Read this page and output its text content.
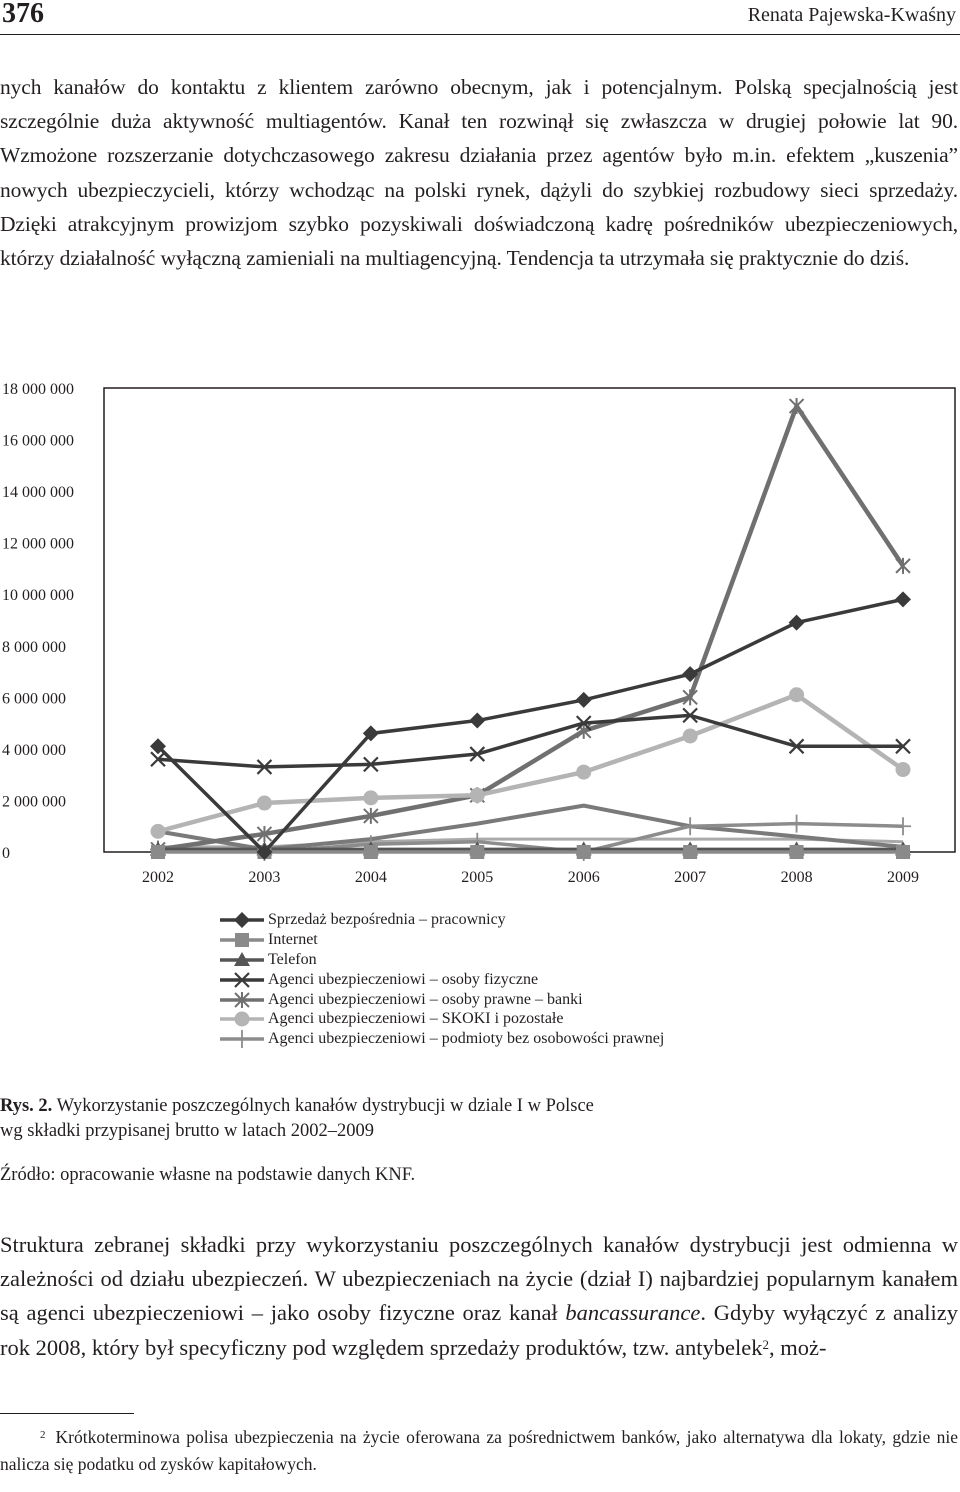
376	Renata Pajewska-Kwaśny

nych kanałów do kontaktu z klientem zarówno obecnym, jak i potencjalnym. Polską specjalnością jest szczególnie duża aktywność multiagentów. Kanał ten rozwinął się zwłaszcza w drugiej połowie lat 90. Wzmożone rozszerzanie dotychczasowego zakresu działania przez agentów było m.in. efektem „kuszenia” nowych ubezpieczycieli, którzy wchodząc na polski rynek, dążyli do szybkiej rozbudowy sieci sprzedaży. Dzięki atrakcyjnym prowizjom szybko pozyskiwali doświadczoną kadrę pośredników ubezpieczeniowych, którzy działalność wyłączną zamieniali na multiagencyjną. Tendencja ta utrzymała się praktycznie do dziś.

0
2 000 000
4 000 000
6 000 000
8 000 000
10 000 000
12 000 000
14 000 000
16 000 000
18 000 000
2002	2003	2004	2005	2006	2007	2008	2009
Sprzedaż bezpośrednia – pracownicy
Internet
Telefon
Agenci ubezpieczeniowi – osoby fizyczne
Agenci ubezpieczeniowi – osoby prawne – banki
Agenci ubezpieczeniowi – SKOKI i pozostałe
Agenci ubezpieczeniowi – podmioty bez osobowości prawnej

Rys. 2. Wykorzystanie poszczególnych kanałów dystrybucji w dziale I w Polsce
wg składki przypisanej brutto w latach 2002–2009

Źródło: opracowanie własne na podstawie danych KNF.

Struktura zebranej składki przy wykorzystaniu poszczególnych kanałów dystrybucji jest odmienna w zależności od działu ubezpieczeń. W ubezpieczeniach na życie (dział I) najbardziej popularnym kanałem są agenci ubezpieczeniowi – jako osoby fizyczne oraz kanał bancassurance. Gdyby wyłączyć z analizy rok 2008, który był specyficzny pod względem sprzedaży produktów, tzw. antybelek$^2$, moż-

$^2$ Krótkoterminowa polisa ubezpieczenia na życie oferowana za pośrednictwem banków, jako alternatywa dla lokaty, gdzie nie nalicza się podatku od zysków kapitałowych.
